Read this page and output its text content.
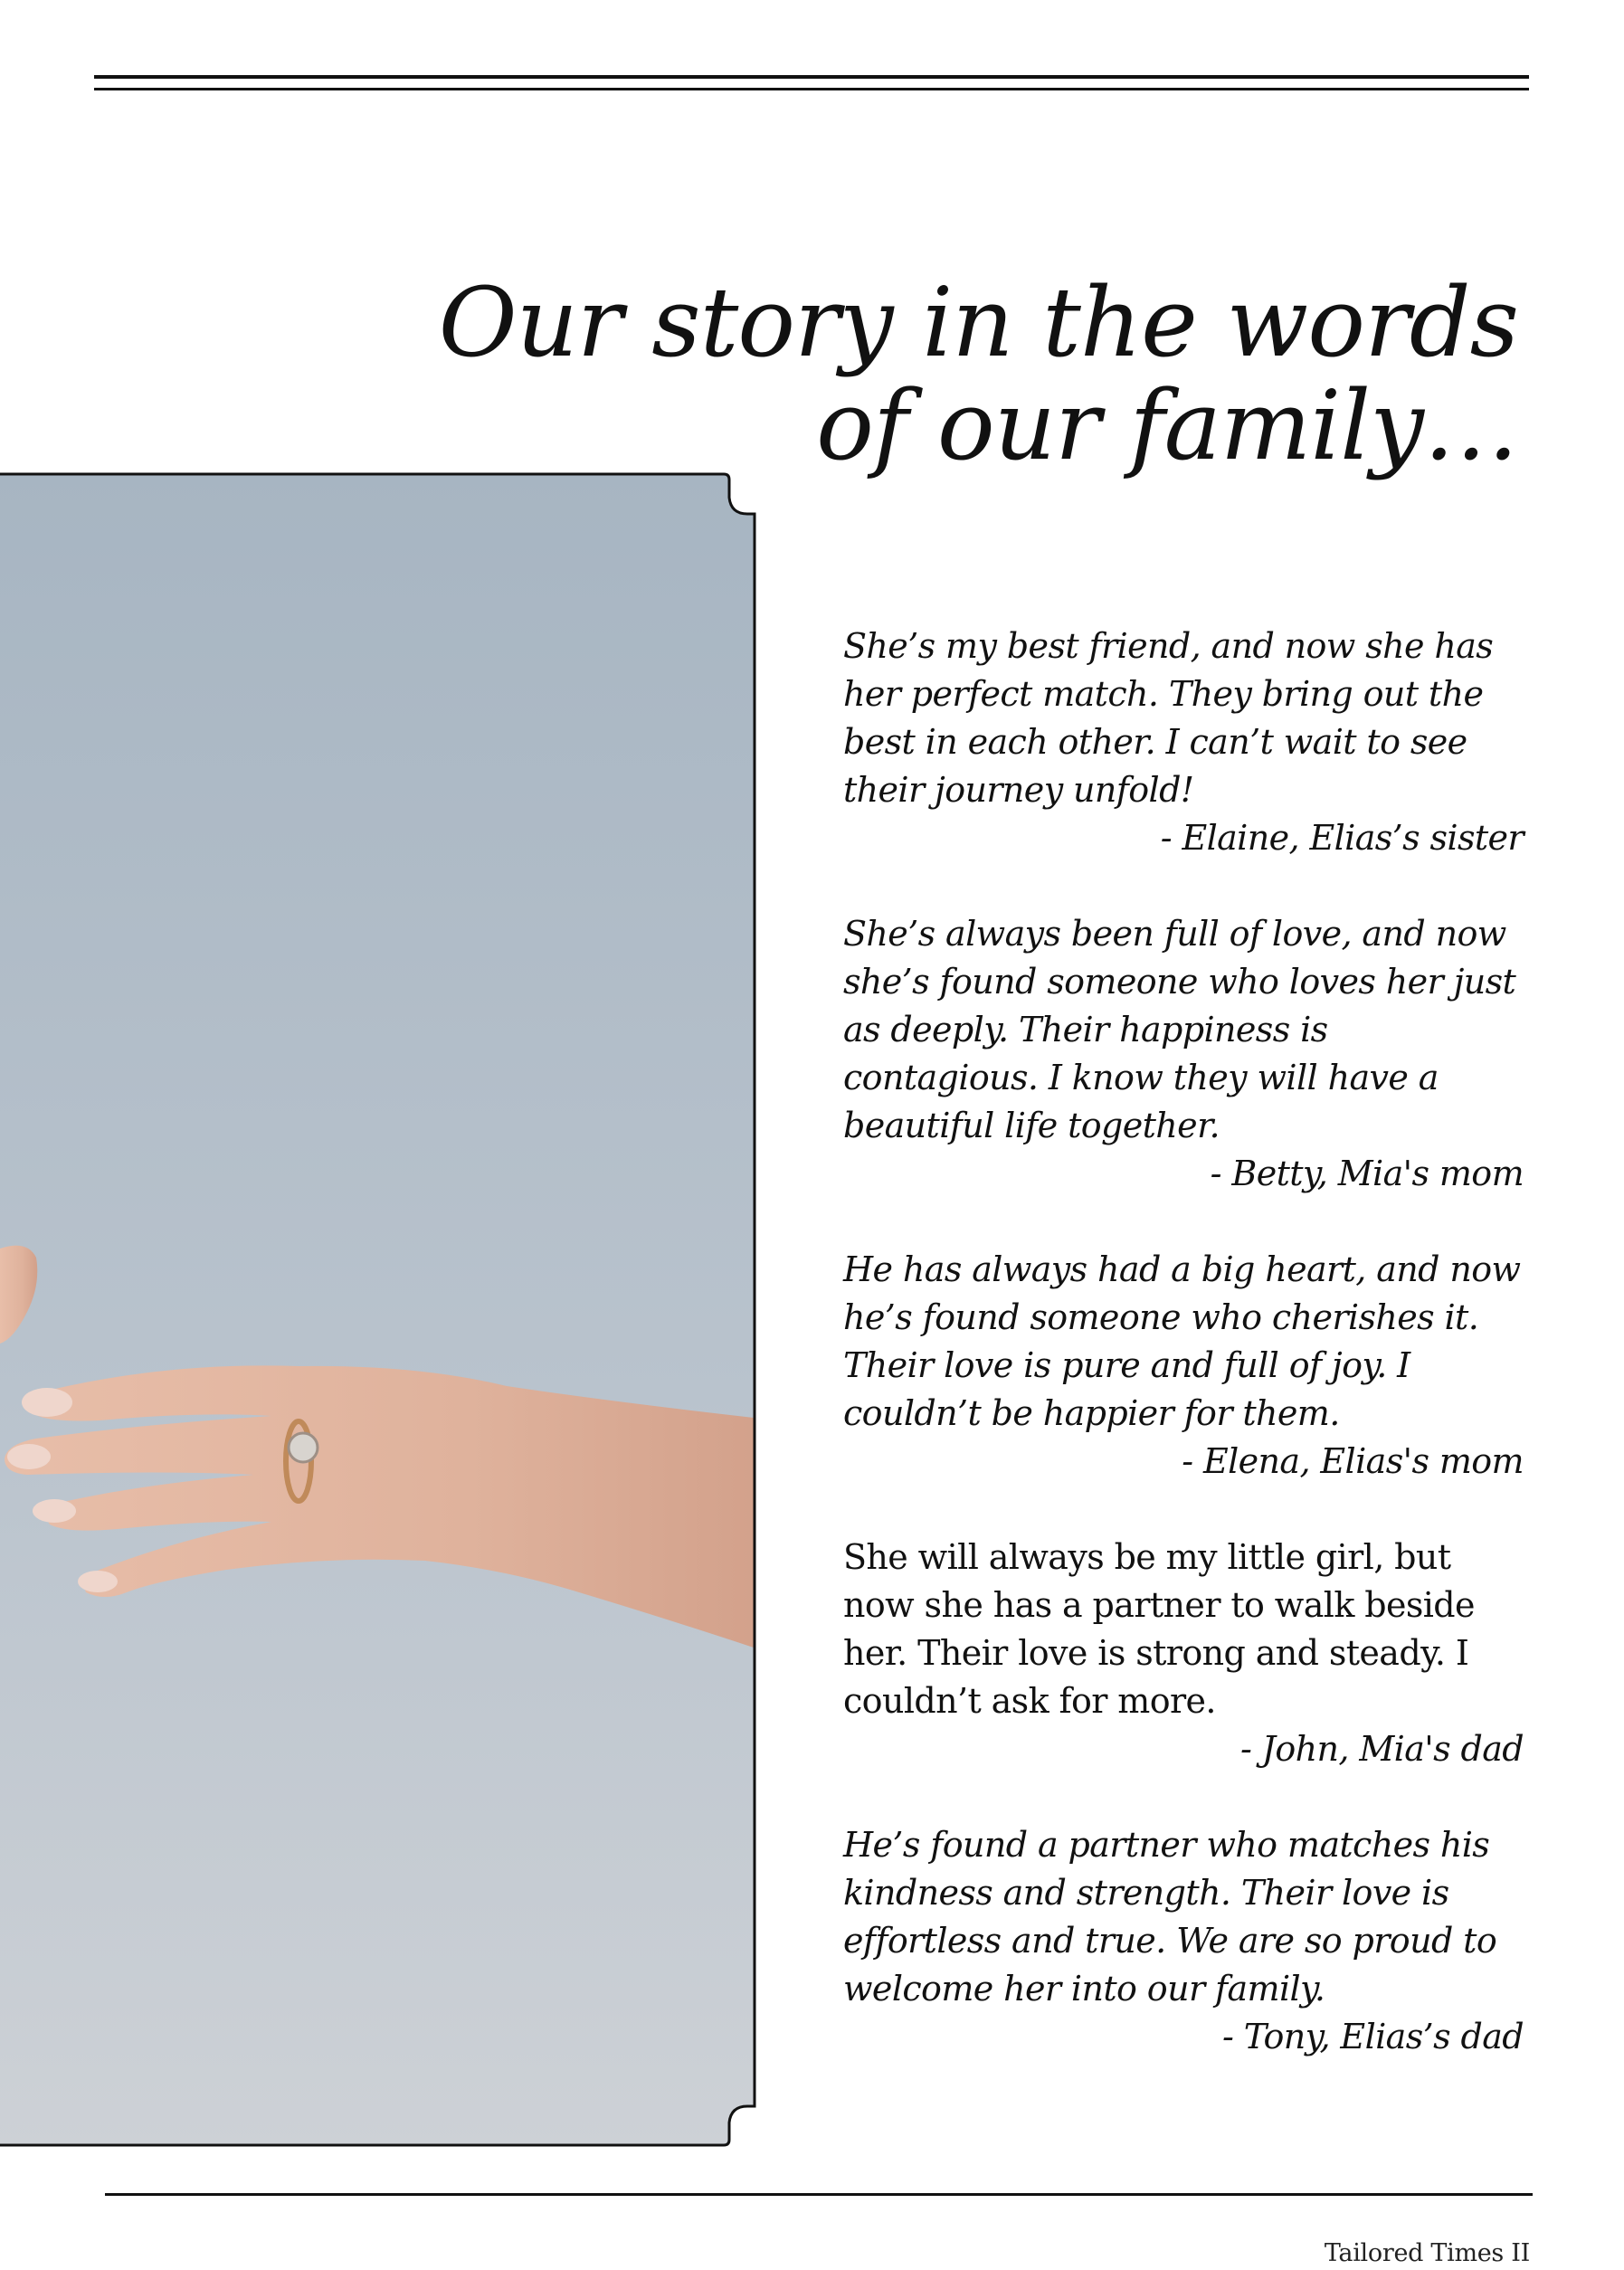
Our story in the words
of our family…
She’s my best friend, and now she has her perfect match. They bring out the best in each other. I can’t wait to see their journey unfold!
- Elaine, Elias’s sister
She’s always been full of love, and now she’s found someone who loves her just as deeply. Their happiness is contagious. I know they will have a beautiful life together.
- Betty, Mia's mom
He has always had a big heart, and now he’s found someone who cherishes it. Their love is pure and full of joy. I couldn’t be happier for them.
- Elena, Elias's mom
She will always be my little girl, but now she has a partner to walk beside her. Their love is strong and steady. I couldn’t ask for more.
- John, Mia's dad
He’s found a partner who matches his kindness and strength. Their love is effortless and true. We are so proud to welcome her into our family.
- Tony, Elias’s dad
Tailored Times II
